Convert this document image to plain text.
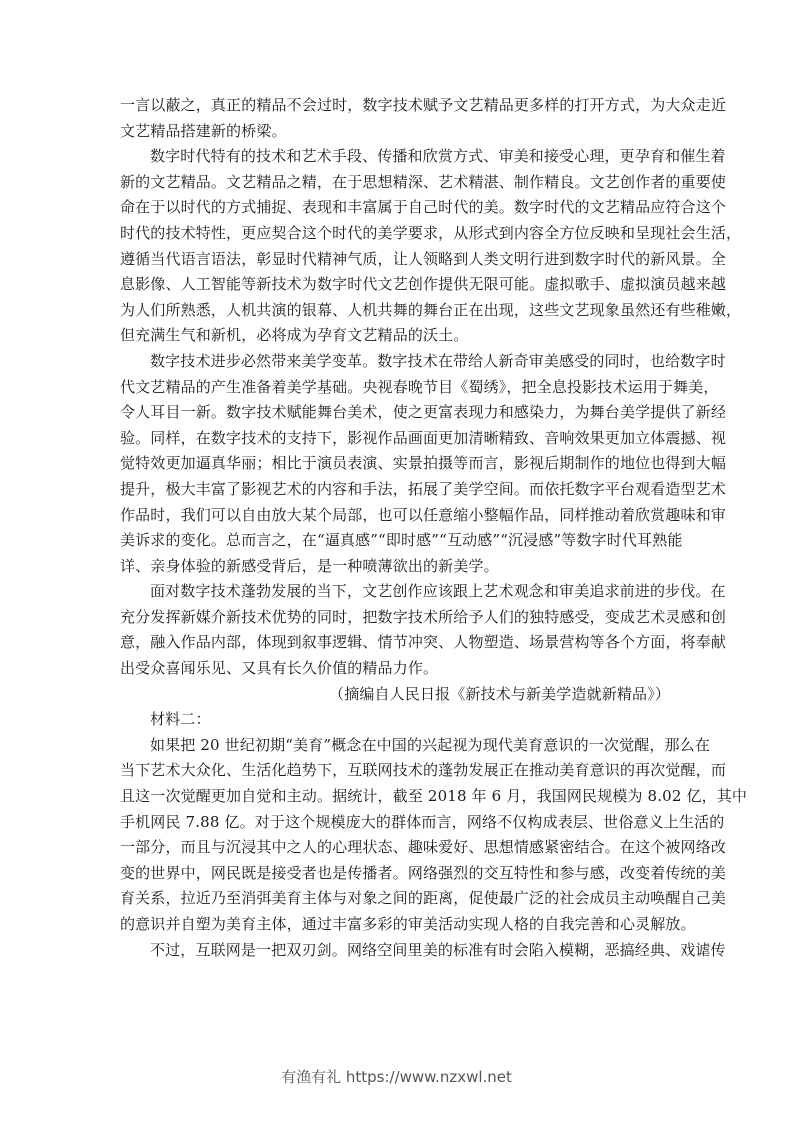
一言以蔽之，真正的精品不会过时，数字技术赋予文艺精品更多样的打开方式，为大众走近
文艺精品搭建新的桥梁。
数字时代特有的技术和艺术手段、传播和欣赏方式、审美和接受心理，更孕育和催生着
新的文艺精品。文艺精品之精，在于思想精深、艺术精湛、制作精良。文艺创作者的重要使
命在于以时代的方式捕捉、表现和丰富属于自己时代的美。数字时代的文艺精品应符合这个
时代的技术特性，更应契合这个时代的美学要求，从形式到内容全方位反映和呈现社会生活，
遵循当代语言语法，彰显时代精神气质，让人领略到人类文明行进到数字时代的新风景。全
息影像、人工智能等新技术为数字时代文艺创作提供无限可能。虚拟歌手、虚拟演员越来越
为人们所熟悉，人机共演的银幕、人机共舞的舞台正在出现，这些文艺现象虽然还有些稚嫩，
但充满生气和新机，必将成为孕育文艺精品的沃土。
数字技术进步必然带来美学变革。数字技术在带给人新奇审美感受的同时，也给数字时
代文艺精品的产生准备着美学基础。央视春晚节目《蜀绣》，把全息投影技术运用于舞美，
令人耳目一新。数字技术赋能舞台美术，使之更富表现力和感染力，为舞台美学提供了新经
验。同样，在数字技术的支持下，影视作品画面更加清晰精致、音响效果更加立体震撼、视
觉特效更加逼真华丽；相比于演员表演、实景拍摄等而言，影视后期制作的地位也得到大幅
提升，极大丰富了影视艺术的内容和手法，拓展了美学空间。而依托数字平台观看造型艺术
作品时，我们可以自由放大某个局部，也可以任意缩小整幅作品，同样推动着欣赏趣味和审
美诉求的变化。总而言之，在“逼真感”“即时感”“互动感”“沉浸感”等数字时代耳熟能
详、亲身体验的新感受背后，是一种喷薄欲出的新美学。
面对数字技术蓬勃发展的当下，文艺创作应该跟上艺术观念和审美追求前进的步伐。在
充分发挥新媒介新技术优势的同时，把数字技术所给予人们的独特感受，变成艺术灵感和创
意，融入作品内部，体现到叙事逻辑、情节冲突、人物塑造、场景营构等各个方面，将奉献
出受众喜闻乐见、又具有长久价值的精品力作。
（摘编自人民日报《新技术与新美学造就新精品》）
材料二：
如果把 20 世纪初期“美育”概念在中国的兴起视为现代美育意识的一次觉醒，那么在
当下艺术大众化、生活化趋势下，互联网技术的蓬勃发展正在推动美育意识的再次觉醒，而
且这一次觉醒更加自觉和主动。据统计，截至 2018 年 6 月，我国网民规模为 8.02 亿，其中
手机网民 7.88 亿。对于这个规模庞大的群体而言，网络不仅构成表层、世俗意义上生活的
一部分，而且与沉浸其中之人的心理状态、趣味爱好、思想情感紧密结合。在这个被网络改
变的世界中，网民既是接受者也是传播者。网络强烈的交互特性和参与感，改变着传统的美
育关系，拉近乃至消弭美育主体与对象之间的距离，促使最广泛的社会成员主动唤醒自己美
的意识并自塑为美育主体，通过丰富多彩的审美活动实现人格的自我完善和心灵解放。
不过，互联网是一把双刃剑。网络空间里美的标准有时会陷入模糊，恶搞经典、戏谑传
有渔有礼 https://www.nzxwl.net
